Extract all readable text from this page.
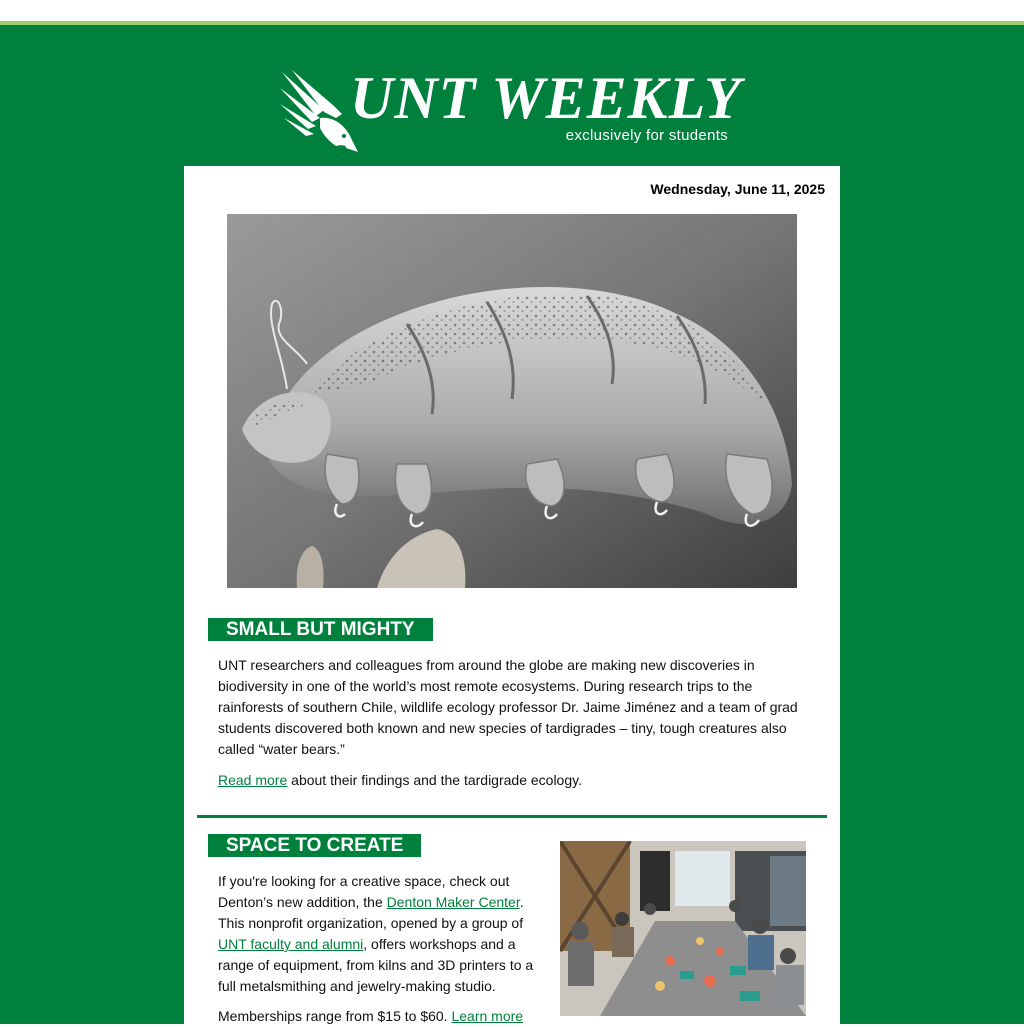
UNT WEEKLY
exclusively for students
Wednesday, June 11, 2025
SMALL BUT MIGHTY

UNT researchers and colleagues from around the globe are making new discoveries in biodiversity in one of the world’s most remote ecosystems. During research trips to the rainforests of southern Chile, wildlife ecology professor Dr. Jaime Jiménez and a team of grad students discovered both known and new species of tardigrades – tiny, tough creatures also called “water bears.”

Read more about their findings and the tardigrade ecology.

SPACE TO CREATE

If you're looking for a creative space, check out Denton’s new addition, the Denton Maker Center. This nonprofit organization, opened by a group of UNT faculty and alumni, offers workshops and a range of equipment, from kilns and 3D printers to a full metalsmithing and jewelry-making studio.

Memberships range from $15 to $60. Learn more
